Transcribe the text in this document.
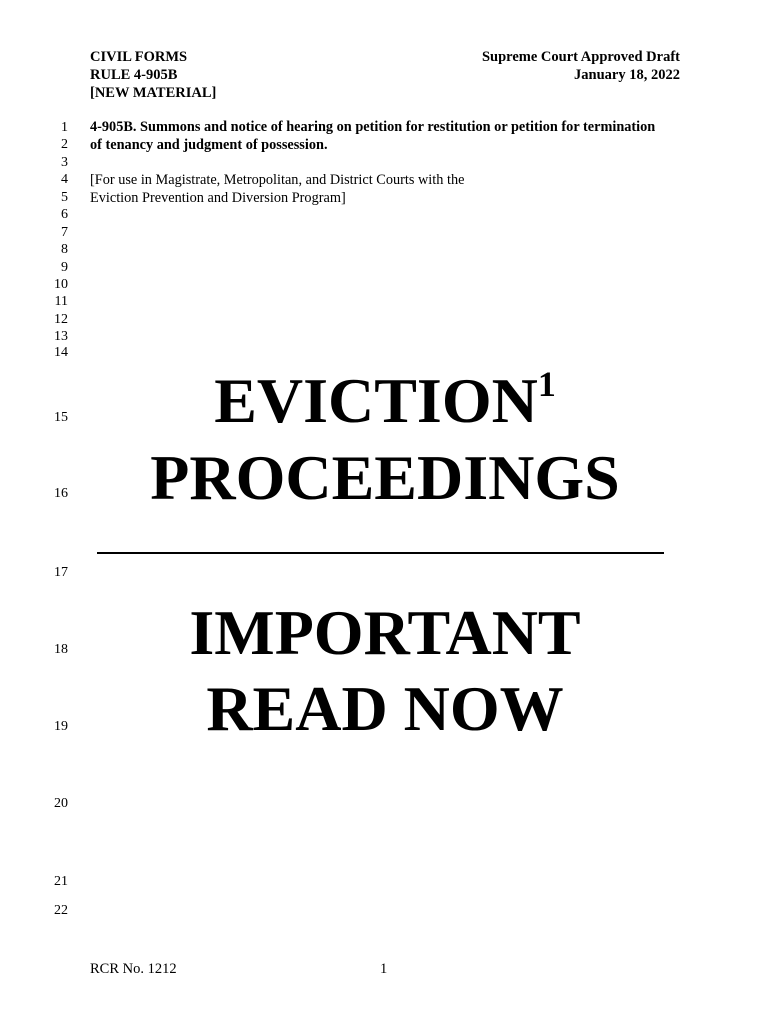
CIVIL FORMS
RULE 4-905B
[NEW MATERIAL]
Supreme Court Approved Draft
January 18, 2022
1
2
3
4
5
6
7
8
9
10
11
12
13
14
15
16
17
18
19
20
21
22
4-905B. Summons and notice of hearing on petition for restitution or petition for termination
of tenancy and judgment of possession.
[For use in Magistrate, Metropolitan, and District Courts with the
Eviction Prevention and Diversion Program]
EVICTION$^1$
PROCEEDINGS
IMPORTANT
READ NOW
RCR No. 1212	1
